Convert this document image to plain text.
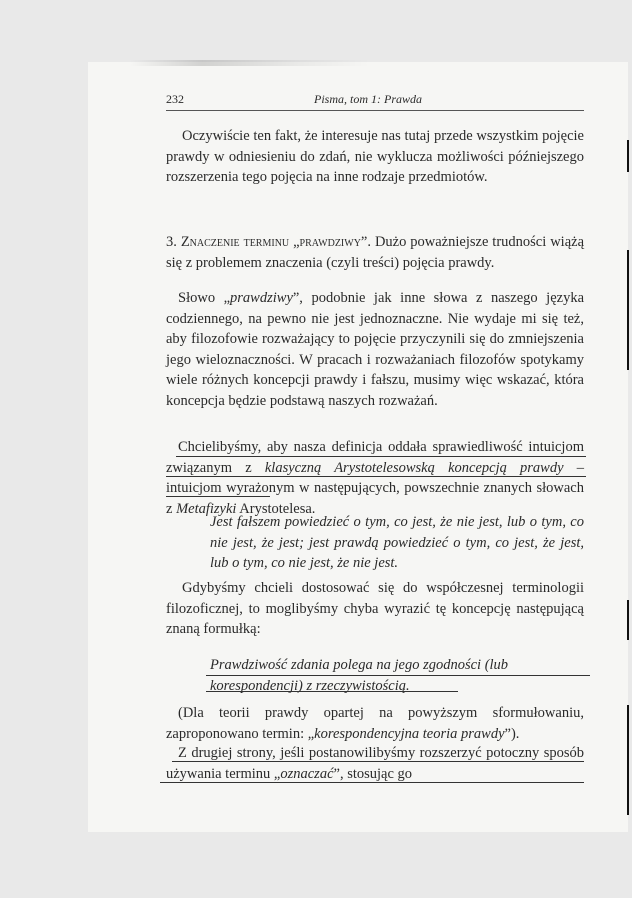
232	Pisma, tom 1: Prawda
Oczywiście ten fakt, że interesuje nas tutaj przede wszystkim pojęcie prawdy w odniesieniu do zdań, nie wyklucza możliwości późniejszego rozszerzenia tego pojęcia na inne rodzaje przedmiotów.
3. Znaczenie terminu „prawdziwy”. Dużo poważniejsze trudności wiążą się z problemem znaczenia (czyli treści) pojęcia prawdy.
Słowo „prawdziwy”, podobnie jak inne słowa z naszego języka codziennego, na pewno nie jest jednoznaczne. Nie wydaje mi się też, aby filozofowie rozważający to pojęcie przyczynili się do zmniejszenia jego wieloznaczności. W pracach i rozważaniach filozofów spotykamy wiele różnych koncepcji prawdy i fałszu, musimy więc wskazać, która koncepcja będzie podstawą naszych rozważań.
Chcielibyśmy, aby nasza definicja oddała sprawiedliwość intuicjom związanym z klasyczną Arystotelesowską koncepcją prawdy – intuicjom wyrażonym w następujących, powszechnie znanych słowach z Metafizyki Arystotelesa.
Jest fałszem powiedzieć o tym, co jest, że nie jest, lub o tym, co nie jest, że jest; jest prawdą powiedzieć o tym, co jest, że jest, lub o tym, co nie jest, że nie jest.
Gdybyśmy chcieli dostosować się do współczesnej terminologii filozoficznej, to moglibyśmy chyba wyrazić tę koncepcję następującą znaną formułką:
Prawdziwość zdania polega na jego zgodności (lub korespondencji) z rzeczywistością.
(Dla teorii prawdy opartej na powyższym sformułowaniu, zaproponowano termin: „korespondencyjna teoria prawdy”).
Z drugiej strony, jeśli postanowilibyśmy rozszerzyć potoczny sposób używania terminu „oznaczać”, stosując go
